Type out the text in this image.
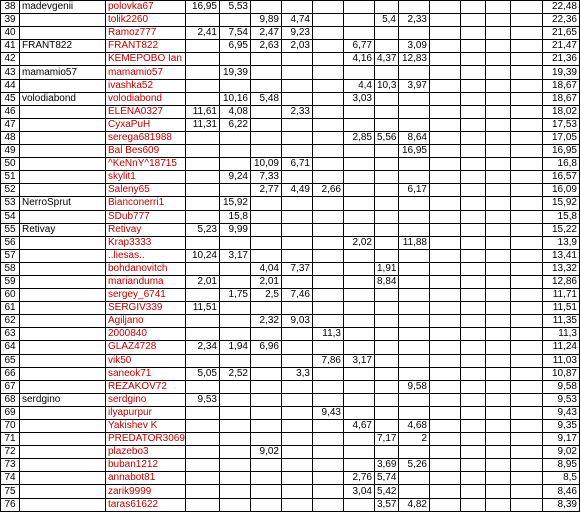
38	madevgenii	polovka67	16,95	5,53											22,48
39		tolik2260			9,89	4,74			5,4	2,33					22,36
40		Ramoz777	2,41	7,54	2,47	9,23									21,65
41	FRANT822	FRANT822		6,95	2,63	2,03		6,77		3,09					21,47
42		KEMEPOBO Ian						4,16	4,37	12,83					21,36
43	mamamio57	mamamio57		19,39											19,39
44		ivashka52						4,4	10,3	3,97					18,67
45	volodiabond	volodiabond		10,16	5,48			3,03							18,67
46		ELENA0327	11,61	4,08		2,33									18,02
47		CyxaPuH	11,31	6,22											17,53
48		serega681988						2,85	5,56	8,64					17,05
49		Bal Bes609								16,95					16,95
50		^KeNnY^18715			10,09	6,71									16,8
51		skylit1		9,24	7,33										16,57
52		Saleny65			2,77	4,49	2,66			6,17					16,09
53	NerroSprut	Bianconerri1		15,92											15,92
54		SDub777		15,8											15,8
55	Retivay	Retivay	5,23	9,99											15,22
56		Krap3333						2,02		11,88					13,9
57		..liesas..	10,24	3,17											13,41
58		bohdanovitch			4,04	7,37			1,91						13,32
59		marianduma	2,01		2,01				8,84						12,86
60		sergey_6741		1,75	2,5	7,46									11,71
61		SERGIV339	11,51												11,51
62		Agiljano			2,32	9,03									11,35
63		2000840					11,3								11,3
64		GLAZ4728	2,34	1,94	6,96										11,24
65		vik50					7,86	3,17							11,03
66		saneok71	5,05	2,52		3,3									10,87
67		REZAKOV72								9,58					9,58
68	serdgino	serdgino	9,53												9,53
69		ilyapurpur					9,43								9,43
70		Yakishev K						4,67		4,68					9,35
71		PREDATOR3069							7,17	2					9,17
72		plazebo3			9,02										9,02
73		buban1212							3,69	5,26					8,95
74		annabot81						2,76	5,74						8,5
75		zarik9999						3,04	5,42						8,46
76		taras61622							3,57	4,82					8,39
